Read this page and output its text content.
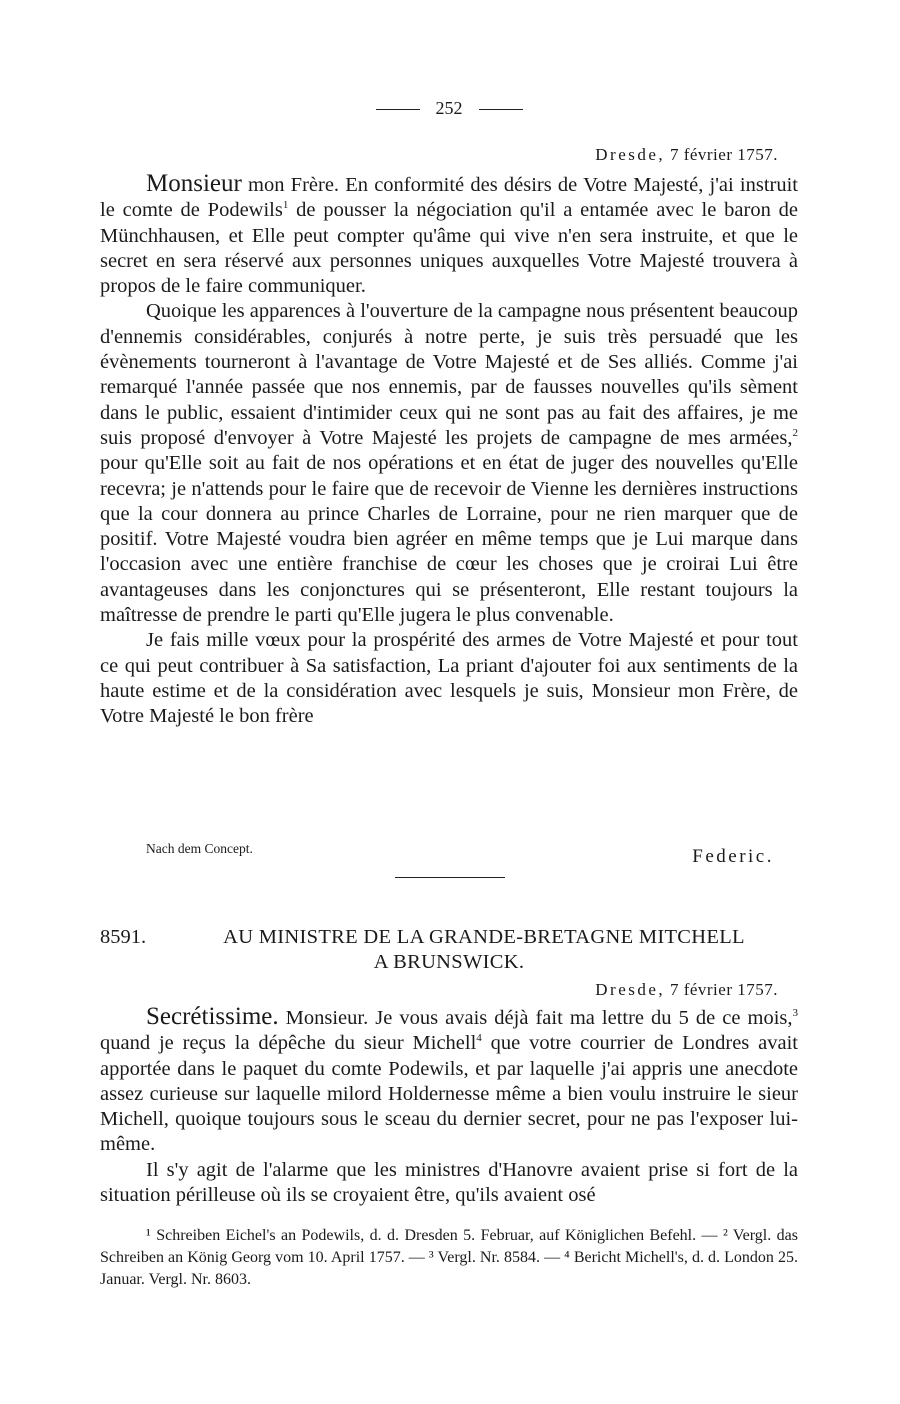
252
Dresde, 7 février 1757.

Monsieur mon Frère. En conformité des désirs de Votre Majesté, j'ai instruit le comte de Podewils$^1$ de pousser la négociation qu'il a entamée avec le baron de Münchhausen, et Elle peut compter qu'âme qui vive n'en sera instruite, et que le secret en sera réservé aux personnes uniques auxquelles Votre Majesté trouvera à propos de le faire communiquer.

Quoique les apparences à l'ouverture de la campagne nous présentent beaucoup d'ennemis considérables, conjurés à notre perte, je suis très persuadé que les évènements tourneront à l'avantage de Votre Majesté et de Ses alliés. Comme j'ai remarqué l'année passée que nos ennemis, par de fausses nouvelles qu'ils sèment dans le public, essaient d'intimider ceux qui ne sont pas au fait des affaires, je me suis proposé d'envoyer à Votre Majesté les projets de campagne de mes armées,$^2$ pour qu'Elle soit au fait de nos opérations et en état de juger des nouvelles qu'Elle recevra; je n'attends pour le faire que de recevoir de Vienne les dernières instructions que la cour donnera au prince Charles de Lorraine, pour ne rien marquer que de positif. Votre Majesté voudra bien agréer en même temps que je Lui marque dans l'occasion avec une entière franchise de cœur les choses que je croirai Lui être avantageuses dans les conjonctures qui se présenteront, Elle restant toujours la maîtresse de prendre le parti qu'Elle jugera le plus convenable.

Je fais mille vœux pour la prospérité des armes de Votre Majesté et pour tout ce qui peut contribuer à Sa satisfaction, La priant d'ajouter foi aux sentiments de la haute estime et de la considération avec lesquels je suis, Monsieur mon Frère, de Votre Majesté le bon frère

Nach dem Concept.	Federic.
8591.	AU MINISTRE DE LA GRANDE-BRETAGNE MITCHELL
A BRUNSWICK.
Dresde, 7 février 1757.

Secrétissime. Monsieur. Je vous avais déjà fait ma lettre du 5 de ce mois,$^3$ quand je reçus la dépêche du sieur Michell$^4$ que votre courrier de Londres avait apportée dans le paquet du comte Podewils, et par laquelle j'ai appris une anecdote assez curieuse sur laquelle milord Holdernesse même a bien voulu instruire le sieur Michell, quoique toujours sous le sceau du dernier secret, pour ne pas l'exposer lui-même.

Il s'y agit de l'alarme que les ministres d'Hanovre avaient prise si fort de la situation périlleuse où ils se croyaient être, qu'ils avaient osé

¹ Schreiben Eichel's an Podewils, d. d. Dresden 5. Februar, auf Königlichen Befehl. — ² Vergl. das Schreiben an König Georg vom 10. April 1757. — ³ Vergl. Nr. 8584. — ⁴ Bericht Michell's, d. d. London 25. Januar. Vergl. Nr. 8603.
